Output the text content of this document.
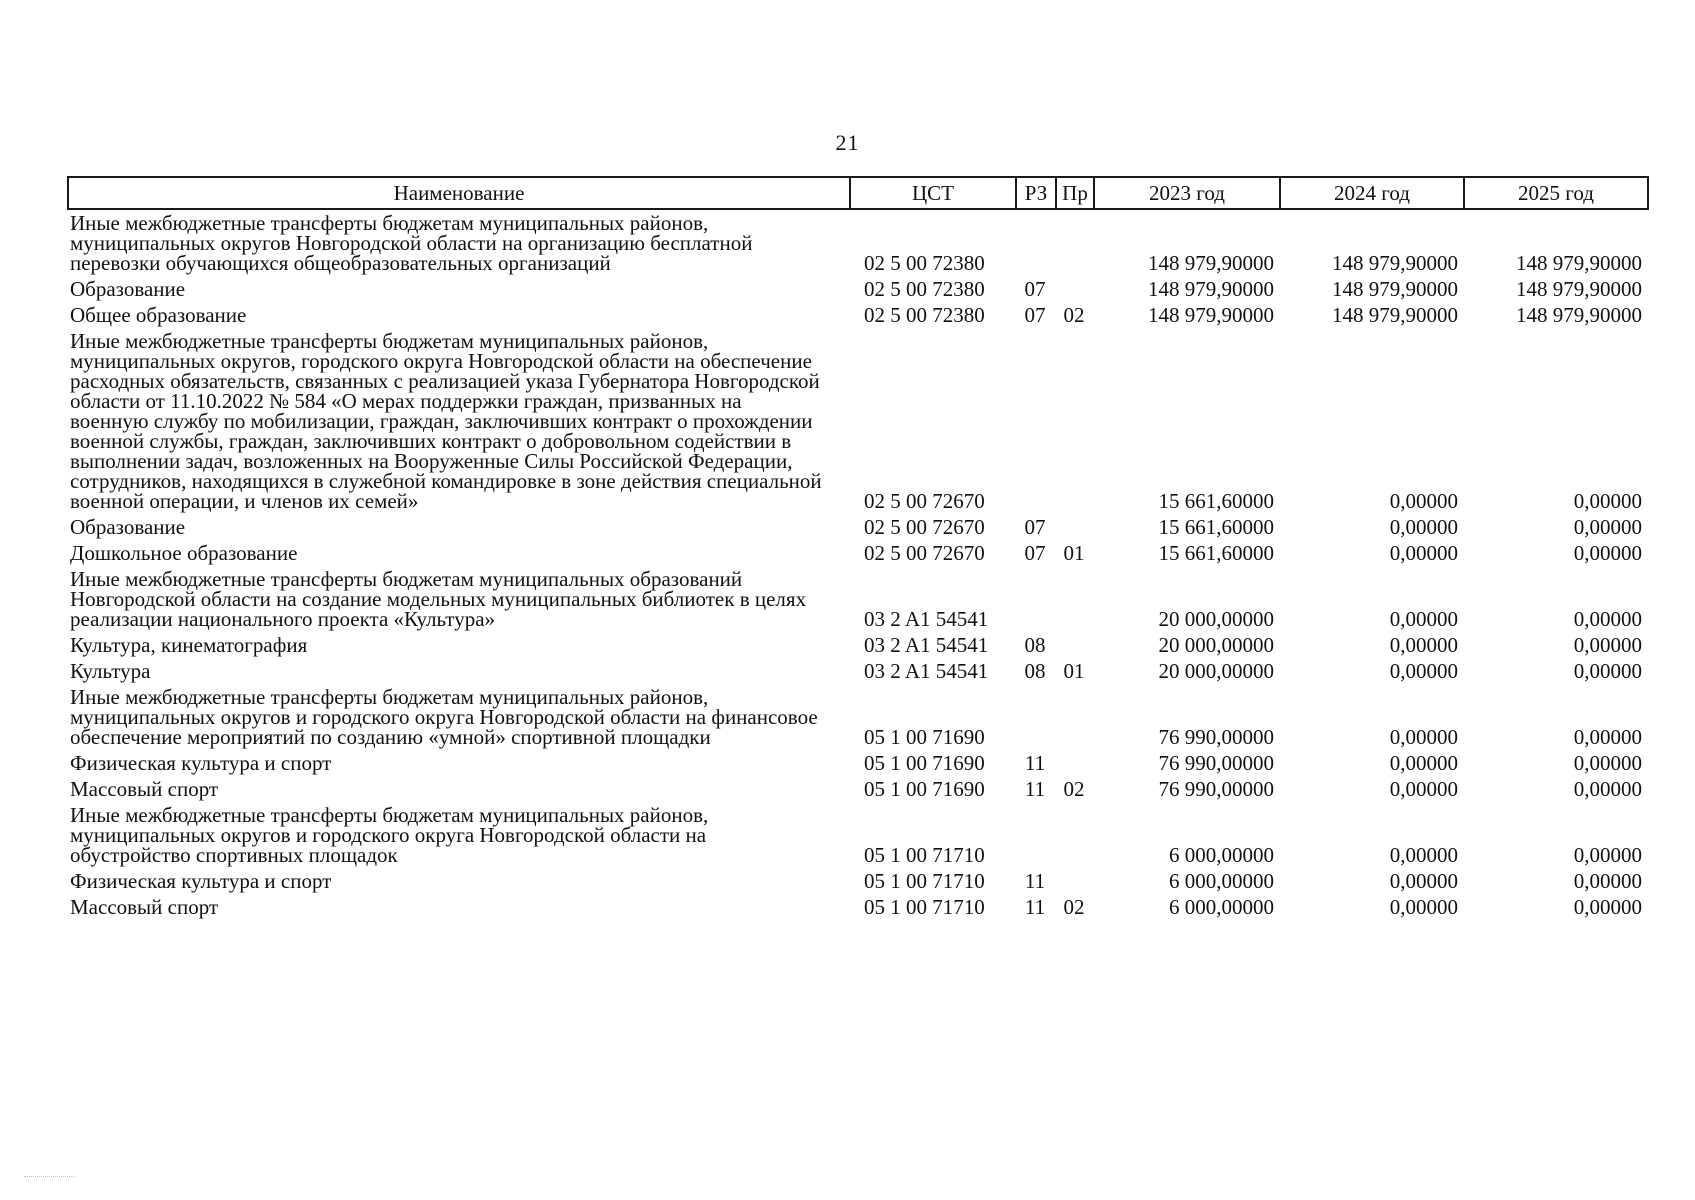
21
Наименование	ЦСТ	РЗ	Пр	2023 год	2024 год	2025 год
Иные межбюджетные трансферты бюджетам муниципальных районов, муниципальных округов Новгородской области на организацию бесплатной перевозки обучающихся общеобразовательных организаций	02 5 00 72380			148 979,90000	148 979,90000	148 979,90000
Образование	02 5 00 72380	07		148 979,90000	148 979,90000	148 979,90000
Общее образование	02 5 00 72380	07	02	148 979,90000	148 979,90000	148 979,90000
Иные межбюджетные трансферты бюджетам муниципальных районов, муниципальных округов, городского округа Новгородской области на обеспечение расходных обязательств, связанных с реализацией указа Губернатора Новгородской области от 11.10.2022 № 584 «О мерах поддержки граждан, призванных на военную службу по мобилизации, граждан, заключивших контракт о прохождении военной службы, граждан, заключивших контракт о добровольном содействии в выполнении задач, возложенных на Вооруженные Силы Российской Федерации, сотрудников, находящихся в служебной командировке в зоне действия специальной военной операции, и членов их семей»	02 5 00 72670			15 661,60000	0,00000	0,00000
Образование	02 5 00 72670	07		15 661,60000	0,00000	0,00000
Дошкольное образование	02 5 00 72670	07	01	15 661,60000	0,00000	0,00000
Иные межбюджетные трансферты бюджетам муниципальных образований Новгородской области на создание модельных муниципальных библиотек в целях реализации национального проекта «Культура»	03 2 A1 54541			20 000,00000	0,00000	0,00000
Культура, кинематография	03 2 A1 54541	08		20 000,00000	0,00000	0,00000
Культура	03 2 A1 54541	08	01	20 000,00000	0,00000	0,00000
Иные межбюджетные трансферты бюджетам муниципальных районов, муниципальных округов и городского округа Новгородской области на финансовое обеспечение мероприятий по созданию «умной» спортивной площадки	05 1 00 71690			76 990,00000	0,00000	0,00000
Физическая культура и спорт	05 1 00 71690	11		76 990,00000	0,00000	0,00000
Массовый спорт	05 1 00 71690	11	02	76 990,00000	0,00000	0,00000
Иные межбюджетные трансферты бюджетам муниципальных районов, муниципальных округов и городского округа Новгородской области на обустройство спортивных площадок	05 1 00 71710			6 000,00000	0,00000	0,00000
Физическая культура и спорт	05 1 00 71710	11		6 000,00000	0,00000	0,00000
Массовый спорт	05 1 00 71710	11	02	6 000,00000	0,00000	0,00000
